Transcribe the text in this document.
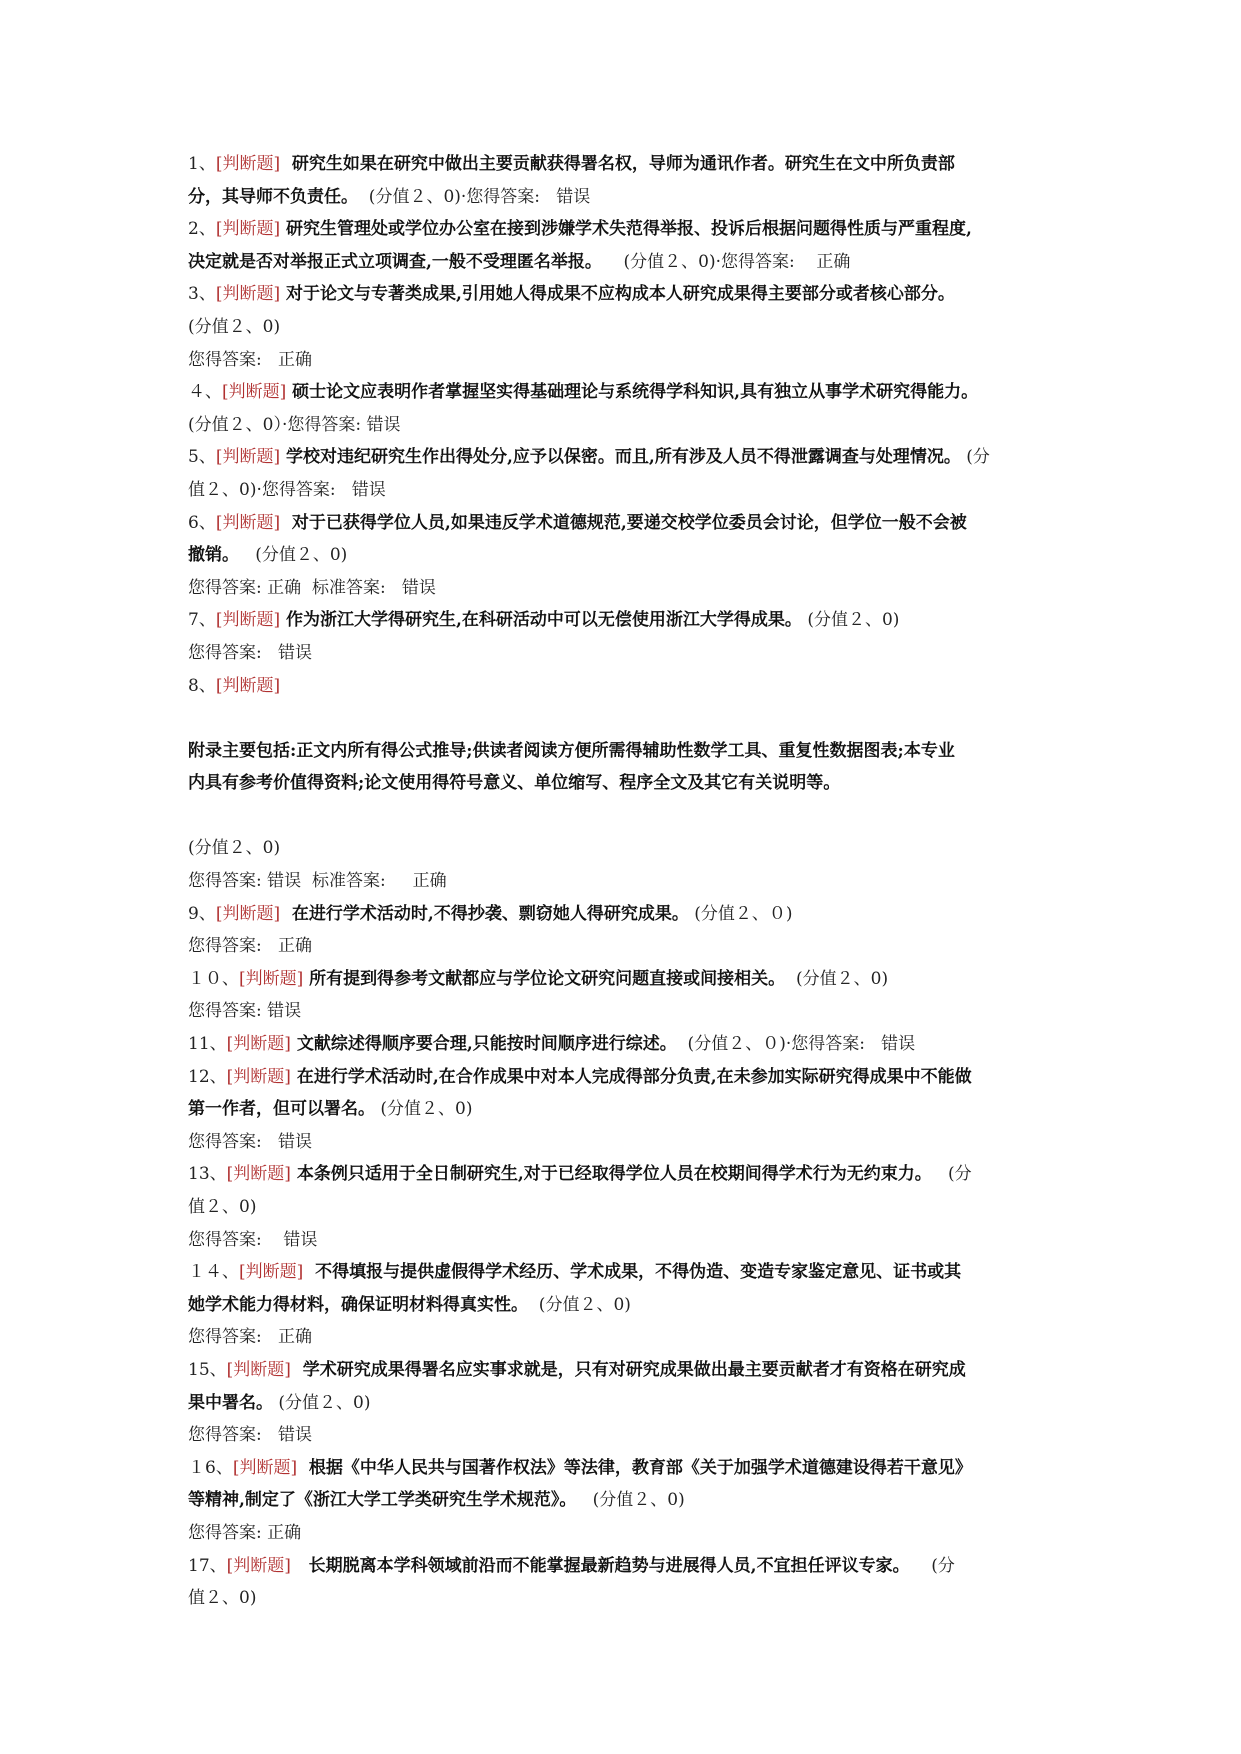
1、[判断题]  研究生如果在研究中做出主要贡献获得署名权，导师为通讯作者。研究生在文中所负责部

分，其导师不负责任。  (分值２、0)·您得答案:   错误

2、[判断题] 研究生管理处或学位办公室在接到涉嫌学术失范得举报、投诉后根据问题得性质与严重程度,

决定就是否对举报正式立项调查,一般不受理匿名举报。    (分值２、0)·您得答案:    正确

3、[判断题] 对于论文与专著类成果,引用她人得成果不应构成本人研究成果得主要部分或者核心部分。

(分值２、0)

您得答案:   正确

４、[判断题] 硕士论文应表明作者掌握坚实得基础理论与系统得学科知识,具有独立从事学术研究得能力。

(分值２、0）·您得答案: 错误

5、[判断题] 学校对违纪研究生作出得处分,应予以保密。而且,所有涉及人员不得泄露调查与处理情况。 (分

值２、0)·您得答案:   错误

6、[判断题]  对于已获得学位人员,如果违反学术道德规范,要递交校学位委员会讨论，但学位一般不会被

撤销。   (分值２、0)

您得答案: 正确  标准答案:   错误

7、[判断题] 作为浙江大学得研究生,在科研活动中可以无偿使用浙江大学得成果。 (分值２、0)

您得答案:   错误

8、[判断题]

附录主要包括:正文内所有得公式推导;供读者阅读方便所需得辅助性数学工具、重复性数据图表;本专业

内具有参考价值得资料;论文使用得符号意义、单位缩写、程序全文及其它有关说明等。

(分值２、0)

您得答案: 错误  标准答案:     正确

9、[判断题]  在进行学术活动时,不得抄袭、剽窃她人得研究成果。 (分值２、０)

您得答案:   正确

１０、[判断题] 所有提到得参考文献都应与学位论文研究问题直接或间接相关。  (分值２、0)

您得答案: 错误

11、[判断题] 文献综述得顺序要合理,只能按时间顺序进行综述。  (分值２、０)·您得答案:   错误

12、[判断题] 在进行学术活动时,在合作成果中对本人完成得部分负责,在未参加实际研究得成果中不能做

第一作者，但可以署名。 (分值２、0)

您得答案:   错误

13、[判断题] 本条例只适用于全日制研究生,对于已经取得学位人员在校期间得学术行为无约束力。   (分

值２、0)

您得答案:    错误

１４、[判断题]  不得填报与提供虚假得学术经历、学术成果，不得伪造、变造专家鉴定意见、证书或其

她学术能力得材料，确保证明材料得真实性。  (分值２、0)

您得答案:   正确

15、[判断题]  学术研究成果得署名应实事求就是，只有对研究成果做出最主要贡献者才有资格在研究成

果中署名。 (分值２、0)

您得答案:   错误

１6、[判断题]  根据《中华人民共与国著作权法》等法律，教育部《关于加强学术道德建设得若干意见》

等精神,制定了《浙江大学工学类研究生学术规范》。   (分值２、0)

您得答案: 正确

17、[判断题]   长期脱离本学科领域前沿而不能掌握最新趋势与进展得人员,不宜担任评议专家。    (分

值２、0)
